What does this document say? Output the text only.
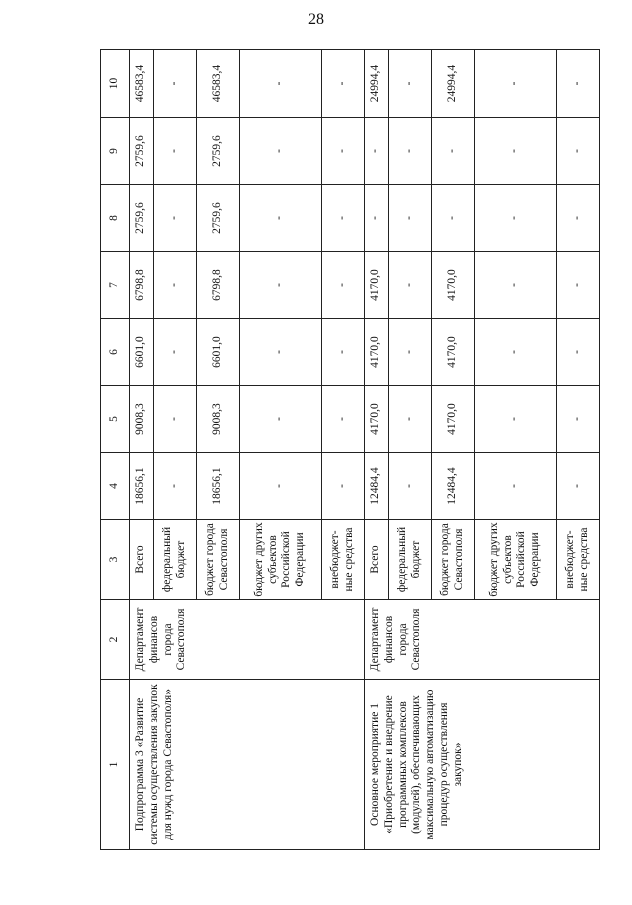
28
1	2	3	4	5	6	7	8	9	10
Подпрограмма 3 «Развитие системы осуществления закупок для нужд города Севастополя»	Департамент финансов города Севастополя	Всего	18656,1	9008,3	6601,0	6798,8	2759,6	2759,6	46583,4
		федеральный бюджет	-	-	-	-	-	-	-
		бюджет города Севастополя	18656,1	9008,3	6601,0	6798,8	2759,6	2759,6	46583,4
		бюджет других субъектов Российской Федерации	-	-	-	-	-	-	-
		внебюджет-ные средства	-	-	-	-	-	-	-
Основное мероприятие 1 «Приобретение и внедрение программных комплексов (модулей), обеспечивающих максимальную автоматизацию процедур осуществления закупок»	Департамент финансов города Севастополя	Всего	12484,4	4170,0	4170,0	4170,0	-	-	24994,4
		федеральный бюджет	-	-	-	-	-	-	-
		бюджет города Севастополя	12484,4	4170,0	4170,0	4170,0	-	-	24994,4
		бюджет других субъектов Российской Федерации	-	-	-	-	-	-	-
		внебюджет-ные средства	-	-	-	-	-	-	-
